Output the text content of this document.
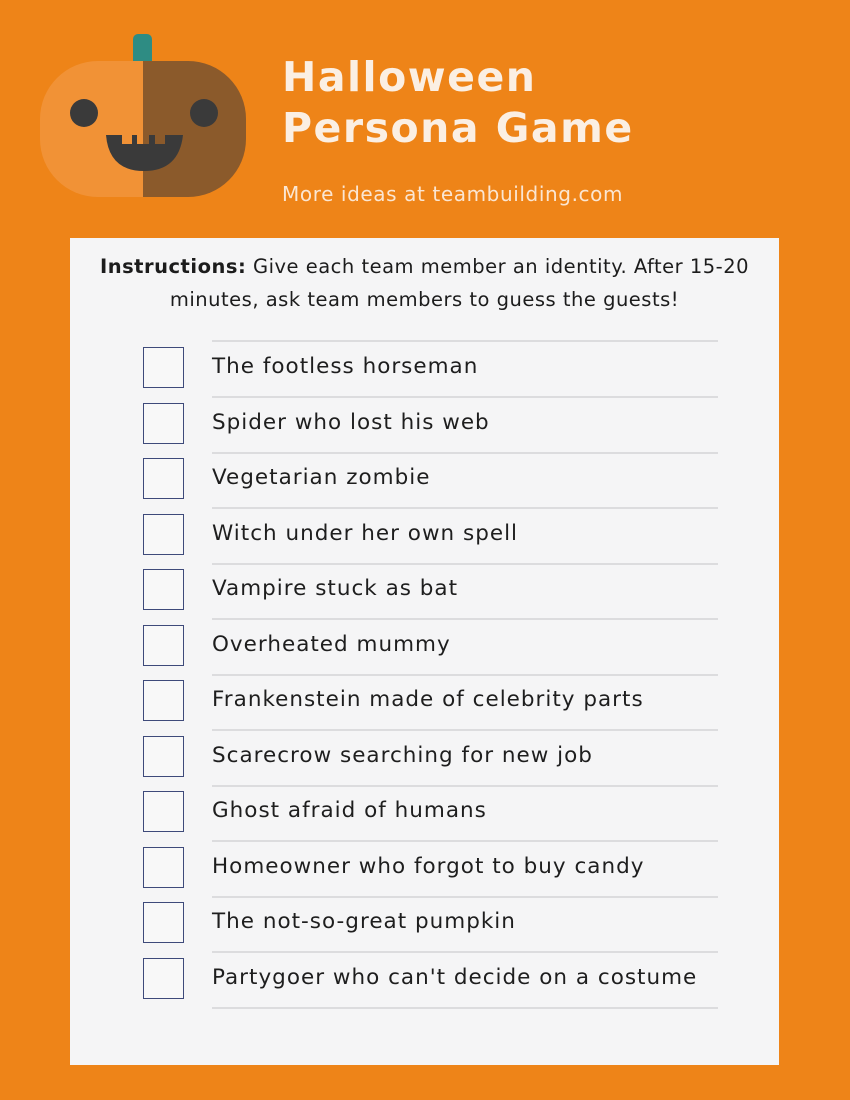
Halloween
Persona Game
More ideas at teambuilding.com

Instructions: Give each team member an identity. After 15-20 minutes, ask team members to guess the guests!

The footless horseman
Spider who lost his web
Vegetarian zombie
Witch under her own spell
Vampire stuck as bat
Overheated mummy
Frankenstein made of celebrity parts
Scarecrow searching for new job
Ghost afraid of humans
Homeowner who forgot to buy candy
The not-so-great pumpkin
Partygoer who can't decide on a costume
